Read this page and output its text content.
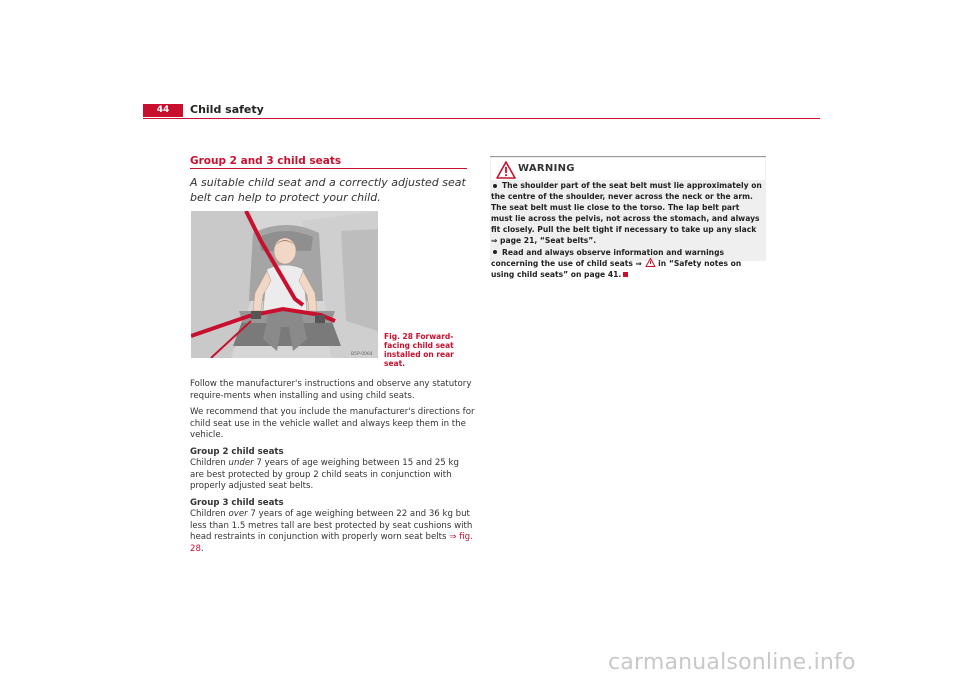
44	Child safety
Group 2 and 3 child seats
A suitable child seat and a correctly adjusted seat belt can help to protect your child.
B5P-0064
Fig. 28 Forward-facing child seat installed on rear seat.

Follow the manufacturer's instructions and observe any statutory require-ments when installing and using child seats.

We recommend that you include the manufacturer's directions for child seat use in the vehicle wallet and always keep them in the vehicle.

Group 2 child seats

Children under 7 years of age weighing between 15 and 25 kg are best protected by group 2 child seats in conjunction with properly adjusted seat belts.

Group 3 child seats

Children over 7 years of age weighing between 22 and 36 kg but less than 1.5 metres tall are best protected by seat cushions with head restraints in conjunction with properly worn seat belts ⇒ fig. 28.

WARNING
The shoulder part of the seat belt must lie approximately on the centre of the shoulder, never across the neck or the arm. The seat belt must lie close to the torso. The lap belt part must lie across the pelvis, not across the stomach, and always fit closely. Pull the belt tight if necessary to take up any slack ⇒ page 21, “Seat belts”.
Read and always observe information and warnings concerning the use of child seats ⇒  in “Safety notes on using child seats” on page 41.
carmanualsonline.info
